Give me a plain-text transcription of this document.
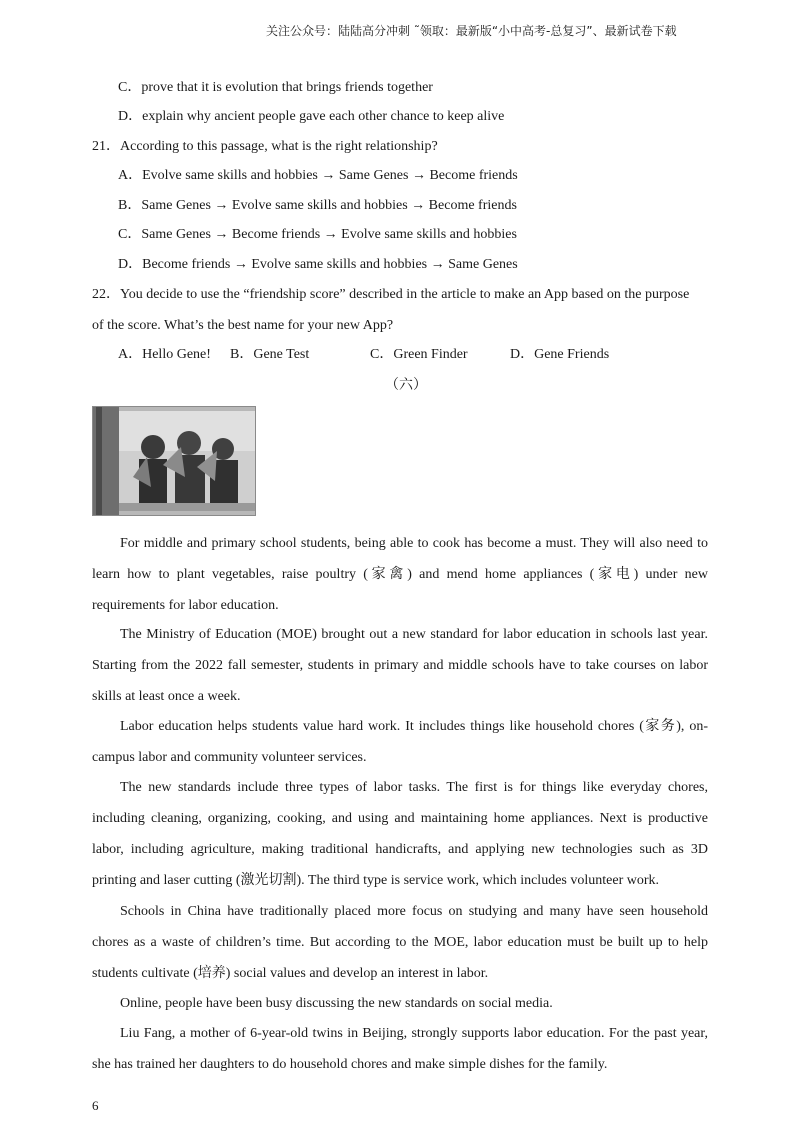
关注公众号：陆陆高分冲刺 ˜领取：最新版“小中高考-总复习”、最新试卷下载
C．prove that it is evolution that brings friends together
D．explain why ancient people gave each other chance to keep alive
21．According to this passage, what is the right relationship?
A．Evolve same skills and hobbies → Same Genes → Become friends
B．Same Genes → Evolve same skills and hobbies → Become friends
C．Same Genes → Become friends → Evolve same skills and hobbies
D．Become friends → Evolve same skills and hobbies → Same Genes
22．You decide to use the “friendship score” described in the article to make an App based on the purpose
of the score. What’s the best name for your new App?
A．Hello Gene! B．Gene Test	C．Green Finder	D．Gene Friends
（六）

For middle and primary school students, being able to cook has become a must. They will also need to learn how to plant vegetables, raise poultry (家禽) and mend home appliances (家电) under new requirements for labor education.

The Ministry of Education (MOE) brought out a new standard for labor education in schools last year. Starting from the 2022 fall semester, students in primary and middle schools have to take courses on labor skills at least once a week.

Labor education helps students value hard work. It includes things like household chores (家务), on-campus labor and community volunteer services.

The new standards include three types of labor tasks. The first is for things like everyday chores, including cleaning, organizing, cooking, and using and maintaining home appliances. Next is productive labor, including agriculture, making traditional handicrafts, and applying new technologies such as 3D printing and laser cutting (激光切割). The third type is service work, which includes volunteer work.

Schools in China have traditionally placed more focus on studying and many have seen household chores as a waste of children’s time. But according to the MOE, labor education must be built up to help students cultivate (培养) social values and develop an interest in labor.

Online, people have been busy discussing the new standards on social media.

Liu Fang, a mother of 6-year-old twins in Beijing, strongly supports labor education. For the past year, she has trained her daughters to do household chores and make simple dishes for the family.

6
